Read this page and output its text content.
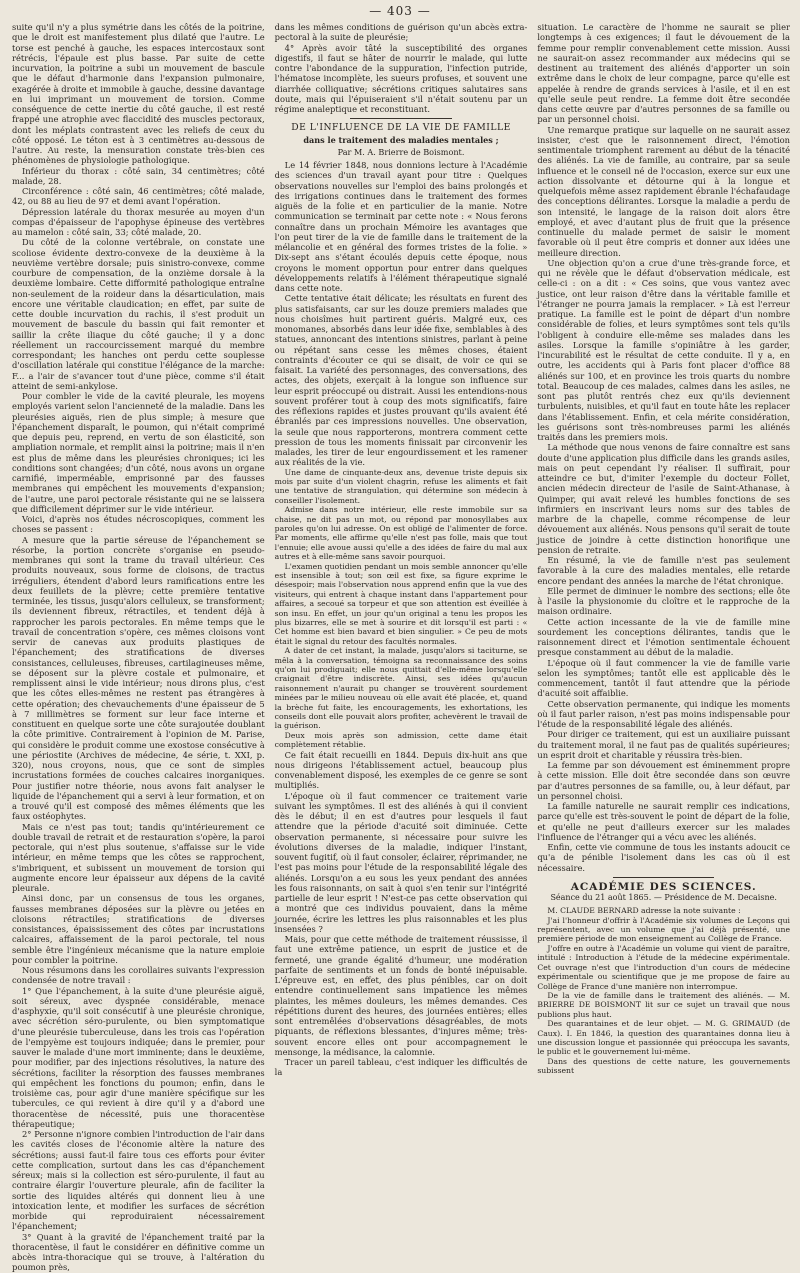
— 403 —

suite qu'il n'y a plus symétrie dans les côtés de la poitrine, que le droit est manifestement plus dilaté que l'autre. Le torse est penché à gauche, les espaces intercostaux sont rétrécis, l'épaule est plus basse. Par suite de cette incurvation, la poitrine a subi un mouvement de bascule que le défaut d'harmonie dans l'expansion pulmonaire, exagérée à droite et immobile à gauche, dessine davantage en lui imprimant un mouvement de torsion. Comme conséquence de cette inertie du côté gauche, il est resté frappé une atrophie avec flaccidité des muscles pectoraux, dont les méplats contrastent avec les reliefs de ceux du côté opposé. Le téton est à 3 centimètres au-dessous de l'autre. Au reste, la mensuration constate très-bien ces phénomènes de physiologie pathologique.

Inférieur du thorax : côté sain, 34 centimètres; côté malade, 28.

Circonférence : côté sain, 46 centimètres; côté malade, 42, ou 88 au lieu de 97 et demi avant l'opération.

Dépression latérale du thorax mesurée au moyen d'un compas d'épaisseur de l'apophyse épineuse des vertèbres au mamelon : côté sain, 33; côté malade, 20.

Du côté de la colonne vertébrale, on constate une scoliose évidente dextro-convexe de la deuxième à la neuvième vertèbre dorsale; puis sinistro-convexe, comme courbure de compensation, de la onzième dorsale à la deuxième lombaire. Cette difformité pathologique entraîne non-seulement de la roideur dans la désarticulation, mais encore une véritable claudication; en effet, par suite de cette double incurvation du rachis, il s'est produit un mouvement de bascule du bassin qui fait remonter et saillir la crête iliaque du côté gauche; il y a donc réellement un raccourcissement marqué du membre correspondant; les hanches ont perdu cette souplesse d'oscillation latérale qui constitue l'élégance de la marche: F... a l'air de s'avancer tout d'une pièce, comme s'il était atteint de semi-ankylose.

Pour combler le vide de la cavité pleurale, les moyens employés varient selon l'ancienneté de la maladie. Dans les pleurésies aiguës, rien de plus simple; à mesure que l'épanchement disparaît, le poumon, qui n'était comprimé que depuis peu, reprend, en vertu de son élasticité, son ampliation normale, et remplit ainsi la poitrine; mais il n'en est plus de même dans les pleurésies chroniques; ici les conditions sont changées; d'un côté, nous avons un organe carnifié, imperméable, emprisonné par des fausses membranes qui empêchent les mouvements d'expansion; de l'autre, une paroi pectorale résistante qui ne se laissera que difficilement déprimer sur le vide intérieur.

Voici, d'après nos études nécroscopiques, comment les choses se passent :

A mesure que la partie séreuse de l'épanchement se résorbe, la portion concrète s'organise en pseudo-membranes qui sont la trame du travail ultérieur. Ces produits nouveaux, sous forme de cloisons, de tractus irréguliers, étendent d'abord leurs ramifications entre les deux feuillets de la plèvre; cette première tentative terminée, les tissus, jusqu'alors celluleux, se transforment; ils deviennent fibreux, rétractiles, et tendent déjà à rapprocher les parois pectorales. En même temps que le travail de concentration s'opère, ces mêmes cloisons vont servir de canevas aux produits plastiques de l'épanchement; des stratifications de diverses consistances, celluleuses, fibreuses, cartilagineuses même, se déposent sur la plèvre costale et pulmonaire, et remplissent ainsi le vide intérieur; nous dirons plus, c'est que les côtes elles-mêmes ne restent pas étrangères à cette opération; des chevauchements d'une épaisseur de 5 à 7 millimètres se forment sur leur face interne et constituent en quelque sorte une côte surajoutée doublant la côte primitive. Contrairement à l'opinion de M. Parise, qui considère le produit comme une exostose consécutive à une périostite (Archives de médecine, 4e série, t. XXI, p. 320), nous croyons, nous, que ce sont de simples incrustations formées de couches calcaires inorganiques. Pour justifier notre théorie, nous avons fait analyser le liquide de l'épanchement qui a servi à leur formation, et on a trouvé qu'il est composé des mêmes éléments que les faux ostéophytes.

Mais ce n'est pas tout; tandis qu'intérieurement ce double travail de retrait et de restauration s'opère, la paroi pectorale, qui n'est plus soutenue, s'affaisse sur le vide intérieur, en même temps que les côtes se rapprochent, s'imbriquent, et subissent un mouvement de torsion qui augmente encore leur épaisseur aux dépens de la cavité pleurale.

Ainsi donc, par un consensus de tous les organes, fausses membranes déposées sur la plèvre ou jetées en cloisons rétractiles; stratifications de diverses consistances, épaississement des côtes par incrustations calcaires, affaissement de la paroi pectorale, tel nous semble être l'ingénieux mécanisme que la nature emploie pour combler la poitrine.

Nous résumons dans les corollaires suivants l'expression condensée de notre travail :

1° Que l'épanchement, à la suite d'une pleurésie aiguë, soit séreux, avec dyspnée considérable, menace d'asphyxie, qu'il soit consécutif à une pleurésie chronique, avec sécrétion séro-purulente, ou bien symptomatique d'une pleurésie tuberculeuse, dans les trois cas l'opération de l'empyème est toujours indiquée; dans le premier, pour sauver le malade d'une mort imminente; dans le deuxième, pour modifier, par des injections résolutives, la nature des sécrétions, faciliter la résorption des fausses membranes qui empêchent les fonctions du poumon; enfin, dans le troisième cas, pour agir d'une manière spécifique sur les tubercules, ce qui revient à dire qu'il y a d'abord une thoracentèse de nécessité, puis une thoracentèse thérapeutique;

2° Personne n'ignore combien l'introduction de l'air dans les cavités closes de l'économie altère la nature des sécrétions; aussi faut-il faire tous ces efforts pour éviter cette complication, surtout dans les cas d'épanchement séreux; mais si la collection est séro-purulente, il faut au contraire élargir l'ouverture pleurale, afin de faciliter la sortie des liquides altérés qui donnent lieu à une intoxication lente, et modifier les surfaces de sécrétion morbide qui reproduiraient nécessairement l'épanchement;

3° Quant à la gravité de l'épanchement traité par la thoracentèse, il faut le considérer en définitive comme un abcès intra-thoracique qui se trouve, à l'altération du poumon près,

dans les mêmes conditions de guérison qu'un abcès extra-pectoral à la suite de pleurésie;

4° Après avoir tâté la susceptibilité des organes digestifs, il faut se hâter de nourrir le malade, qui lutte contre l'abondance de la suppuration, l'infection putride, l'hématose incomplète, les sueurs profuses, et souvent une diarrhée colliquative; sécrétions critiques salutaires sans doute, mais qui l'épuiseraient s'il n'était soutenu par un régime analeptique et reconstituant.

DE L'INFLUENCE DE LA VIE DE FAMILLE
dans le traitement des maladies mentales ;
Par M. A. Brierre de Boismont.

Le 14 février 1848, nous donnions lecture à l'Académie des sciences d'un travail ayant pour titre : Quelques observations nouvelles sur l'emploi des bains prolongés et des irrigations continues dans le traitement des formes aiguës de la folie et en particulier de la manie. Notre communication se terminait par cette note : « Nous ferons connaître dans un prochain Mémoire les avantages que l'on peut tirer de la vie de famille dans le traitement de la mélancolie et en général des formes tristes de la folie. » Dix-sept ans s'étant écoulés depuis cette époque, nous croyons le moment opportun pour entrer dans quelques développements relatifs à l'élément thérapeutique signalé dans cette note.

Cette tentative était délicate; les résultats en furent des plus satisfaisants, car sur les douze premiers malades que nous choisîmes huit partirent guéris. Malgré eux, ces monomanes, absorbés dans leur idée fixe, semblables à des statues, annoncant des intentions sinistres, parlant à peine ou répétant sans cesse les mêmes choses, étaient contraints d'écouter ce qui se disait, de voir ce qui se faisait. La variété des personnages, des conversations, des actes, des objets, exerçait à la longue son influence sur leur esprit préoccupé ou distrait. Aussi les entendions-nous souvent proférer tout à coup des mots significatifs, faire des réflexions rapides et justes prouvant qu'ils avaient été ébranlés par ces impressions nouvelles. Une observation, la seule que nous rapporterons, montrera comment cette pression de tous les moments finissait par circonvenir les malades, les tirer de leur engourdissement et les ramener aux réalités de la vie.

Une dame de cinquante-deux ans, devenue triste depuis six mois par suite d'un violent chagrin, refuse les aliments et fait une tentative de strangulation, qui détermine son médecin à conseiller l'isolement.

Admise dans notre intérieur, elle reste immobile sur sa chaise, ne dit pas un mot, ou répond par monosyllabes aux paroles qu'on lui adresse. On est obligé de l'alimenter de force. Par moments, elle affirme qu'elle n'est pas folle, mais que tout l'ennuie; elle avoue aussi qu'elle a des idées de faire du mal aux autres et à elle-même sans savoir pourquoi.

L'examen quotidien pendant un mois semble annoncer qu'elle est insensible à tout; son œil est fixe, sa figure exprime le désespoir; mais l'observation nous apprend enfin que la vue des visiteurs, qui entrent à chaque instant dans l'appartement pour affaires, a secoué sa torpeur et que son attention est éveillée à son insu. En effet, un jour qu'un original a tenu les propos les plus bizarres, elle se met à sourire et dit lorsqu'il est parti : « Cet homme est bien bavard et bien singulier. » Ce peu de mots était le signal du retour des facultés normales.

A dater de cet instant, la malade, jusqu'alors si taciturne, se mêla à la conversation, témoigna sa reconnaissance des soins qu'on lui prodiguait; elle nous quittait d'elle-même lorsqu'elle craignait d'être indiscrète. Ainsi, ses idées qu'aucun raisonnement n'aurait pu changer se trouvèrent sourdement minées par le milieu nouveau où elle avait été placée, et, quand la brèche fut faite, les encouragements, les exhortations, les conseils dont elle pouvait alors profiter, achevèrent le travail de la guérison.

Deux mois après son admission, cette dame était complètement rétablie.

Ce fait était recueilli en 1844. Depuis dix-huit ans que nous dirigeons l'établissement actuel, beaucoup plus convenablement disposé, les exemples de ce genre se sont multipliés.

L'époque où il faut commencer ce traitement varie suivant les symptômes. Il est des aliénés à qui il convient dès le début; il en est d'autres pour lesquels il faut attendre que la période d'acuité soit diminuée. Cette observation permanente, si nécessaire pour suivre les évolutions diverses de la maladie, indiquer l'instant, souvent fugitif, où il faut consoler, éclairer, réprimander, ne l'est pas moins pour l'étude de la responsabilité légale des aliénés. Lorsqu'on a eu sous les yeux pendant des années les fous raisonnants, on sait à quoi s'en tenir sur l'intégrité partielle de leur esprit ! N'est-ce pas cette observation qui a montré que ces individus pouvaient, dans la même journée, écrire les lettres les plus raisonnables et les plus insensées ?

Mais, pour que cette méthode de traitement réussisse, il faut une extrême patience, un esprit de justice et de fermeté, une grande égalité d'humeur, une modération parfaite de sentiments et un fonds de bonté inépuisable. L'épreuve est, en effet, des plus pénibles, car on doit entendre continuellement sans impatience les mêmes plaintes, les mêmes douleurs, les mêmes demandes. Ces répétitions durent des heures, des journées entières; elles sont entremêlées d'observations désagréables, de mots piquants, de réflexions blessantes, d'injures même; très-souvent encore elles ont pour accompagnement le mensonge, la médisance, la calomnie.

Tracer un pareil tableau, c'est indiquer les difficultés de la

situation. Le caractère de l'homme ne saurait se plier longtemps à ces exigences; il faut le dévouement de la femme pour remplir convenablement cette mission. Aussi ne saurait-on assez recommander aux médecins qui se destinent au traitement des aliénés d'apporter un soin extrême dans le choix de leur compagne, parce qu'elle est appelée à rendre de grands services à l'asile, et il en est qu'elle seule peut rendre. La femme doit être secondée dans cette œuvre par d'autres personnes de sa famille ou par un personnel choisi.

Une remarque pratique sur laquelle on ne saurait assez insister, c'est que le raisonnement direct, l'émotion sentimentale triomphent rarement au début de la ténacité des aliénés. La vie de famille, au contraire, par sa seule influence et le conseil né de l'occasion, exerce sur eux une action dissolvante et détourne qui à la longue et quelquefois même assez rapidement ébranle l'échafaudage des conceptions délirantes. Lorsque la maladie a perdu de son intensité, le langage de la raison doit alors être employé, et avec d'autant plus de fruit que la présence continuelle du malade permet de saisir le moment favorable où il peut être compris et donner aux idées une meilleure direction.

Une objection qu'on a crue d'une très-grande force, et qui ne révèle que le défaut d'observation médicale, est celle-ci : on a dit : « Ces soins, que vous vantez avec justice, ont leur raison d'être dans la véritable famille et l'étranger ne pourra jamais la remplacer. » Là est l'erreur pratique. La famille est le point de départ d'un nombre considérable de folies, et leurs symptômes sont tels qu'ils l'obligent à conduire elle-même ses malades dans les asiles. Lorsque la famille s'opiniâtre à les garder, l'incurabilité est le résultat de cette conduite. Il y a, en outre, les accidents qui à Paris font placer d'office 88 aliénés sur 100, et en province les trois quarts du nombre total. Beaucoup de ces malades, calmes dans les asiles, ne sont pas plutôt rentrés chez eux qu'ils deviennent turbulents, nuisibles, et qu'il faut en toute hâte les replacer dans l'établissement. Enfin, et cela mérite considération, les guérisons sont très-nombreuses parmi les aliénés traités dans les premiers mois.

La méthode que nous venons de faire connaître est sans doute d'une application plus difficile dans les grands asiles, mais on peut cependant l'y réaliser. Il suffirait, pour atteindre ce but, d'imiter l'exemple du docteur Follet, ancien médecin directeur de l'asile de Saint-Athanase, à Quimper, qui avait relevé les humbles fonctions de ses infirmiers en inscrivant leurs noms sur des tables de marbre de la chapelle, comme récompense de leur dévouement aux aliénés. Nous pensons qu'il serait de toute justice de joindre à cette distinction honorifique une pension de retraite.

En résumé, la vie de famille n'est pas seulement favorable à la cure des maladies mentales, elle retarde encore pendant des années la marche de l'état chronique.

Elle permet de diminuer le nombre des sections; elle ôte à l'asile la physionomie du cloître et le rapproche de la maison ordinaire.

Cette action incessante de la vie de famille mine sourdement les conceptions délirantes, tandis que le raisonnement direct et l'émotion sentimentale échouent presque constamment au début de la maladie.

L'époque où il faut commencer la vie de famille varie selon les symptômes; tantôt elle est applicable dès le commencement, tantôt il faut attendre que la période d'acuité soit affaiblie.

Cette observation permanente, qui indique les moments où il faut parler raison, n'est pas moins indispensable pour l'étude de la responsabilité légale des aliénés.

Pour diriger ce traitement, qui est un auxiliaire puissant du traitement moral, il ne faut pas de qualités supérieures; un esprit droit et charitable y réussira très-bien.

La femme par son dévouement est éminemment propre à cette mission. Elle doit être secondée dans son œuvre par d'autres personnes de sa famille, ou, à leur défaut, par un personnel choisi.

La famille naturelle ne saurait remplir ces indications, parce qu'elle est très-souvent le point de départ de la folie, et qu'elle ne peut d'ailleurs exercer sur les malades l'influence de l'étranger qui a vécu avec les aliénés.

Enfin, cette vie commune de tous les instants adoucit ce qu'a de pénible l'isolement dans les cas où il est nécessaire.

ACADÉMIE DES SCIENCES.
Séance du 21 août 1865. — Présidence de M. Decaisne.

M. CLAUDE BERNARD adresse la note suivante :

J'ai l'honneur d'offrir à l'Académie six volumes de Leçons qui représentent, avec un volume que j'ai déjà présenté, une première période de mon enseignement au Collège de France.

J'offre en outre à l'Académie un volume qui vient de paraître, intitulé : Introduction à l'étude de la médecine expérimentale. Cet ouvrage n'est que l'introduction d'un cours de médecine expérimentale ou scientifique que je me propose de faire au Collège de France d'une manière non interrompue.

De la vie de famille dans le traitement des aliénés. — M. BRIERRE DE BOISMONT lit sur ce sujet un travail que nous publions plus haut.

Des quarantaines et de leur objet. — M. G. GRIMAUD (de Caux). I. En 1846, la question des quarantaines donna lieu à une discussion longue et passionnée qui préoccupa les savants, le public et le gouvernement lui-même.

Dans des questions de cette nature, les gouvernements subissent
